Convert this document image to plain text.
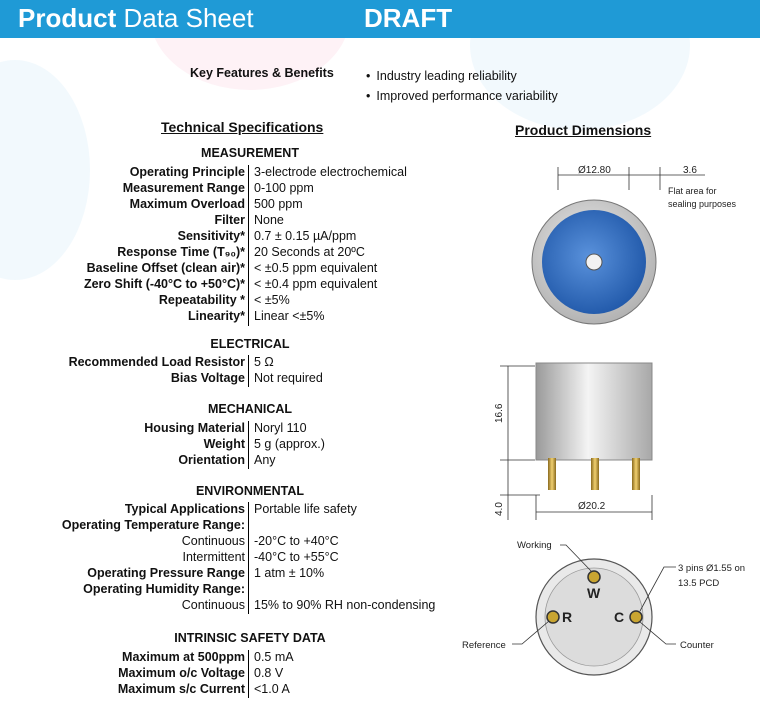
Product Data Sheet	DRAFT
Key Features & Benefits
•	Industry leading reliability
• Improved performance variability
Technical Specifications	Product Dimensions
MEASUREMENT
ELECTRICAL
MECHANICAL
ENVIRONMENTAL
INTRINSIC SAFETY DATA
Operating Principle 3-electrode electrochemical
Measurement Range 0-100 ppm
Maximum Overload 500 ppm
Filter None
Sensitivity* 0.7 ± 0.15 µA/ppm
Response Time (T₉₀)* 20 Seconds at 20ºC
Baseline Offset (clean air)* < ±0.5 ppm equivalent
Zero Shift (-40°C to +50°C)* < ±0.4 ppm equivalent
Repeatability * < ±5%
Linearity* Linear <±5%
Recommended Load Resistor 5 Ω
Bias Voltage Not required
Housing Material Noryl 110
Weight 5 g (approx.)
Orientation Any
Typical Applications Portable life safety
Operating Temperature Range:
Continuous -20°C to +40°C
Intermittent -40°C to +55°C
Operating Pressure Range 1 atm ± 10%
Operating Humidity Range:
Continuous 15% to 90% RH non-condensing
Maximum at 500ppm 0.5 mA
Maximum o/c Voltage 0.8 V
Maximum s/c Current <1.0 A
Ø12.80	3.6
Flat area for
sealing purposes
16.6
4.0	Ø20.2
W
R	C
Working
Reference	Counter
3 pins Ø1.55 on
13.5 PCD
